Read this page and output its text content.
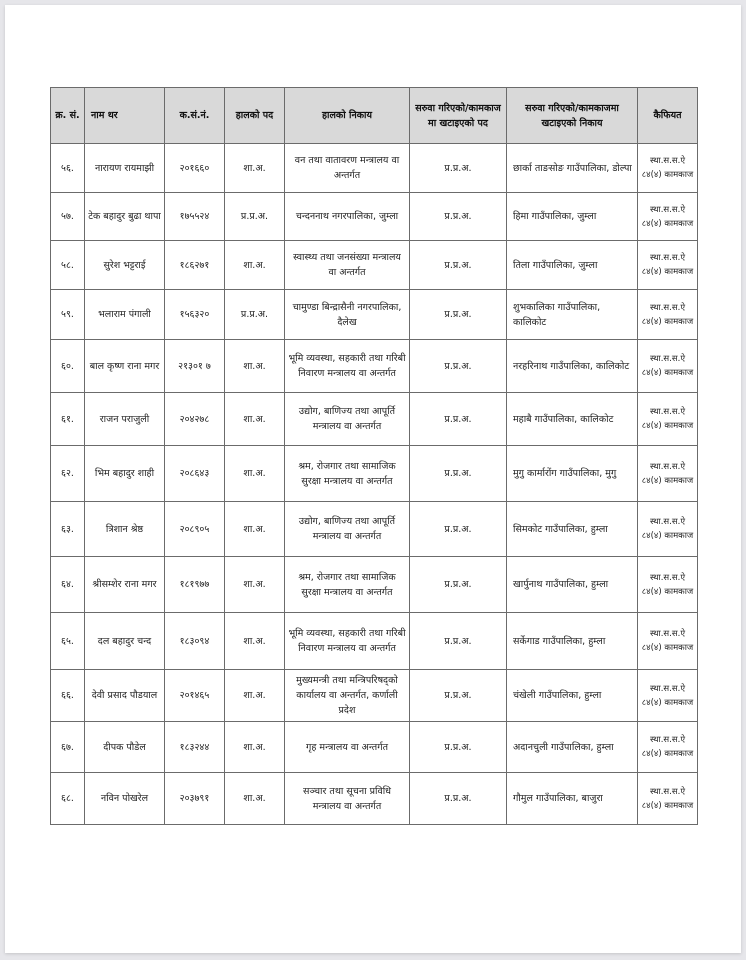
क्र. सं.	नाम थर	क.सं.नं.	हालको पद	हालको निकाय	सरुवा गरिएको/कामकाज मा खटाइएको पद	सरुवा गरिएको/कामकाजमा खटाइएको निकाय	कैफियत
५६.	नारायण रायमाझी	२०१६६०	शा.अ.	वन तथा वातावरण मन्त्रालय वा अन्तर्गत	प्र.प्र.अ.	छार्का ताङसोङ गाउँपालिका, डोल्पा	स्था.स.स.ऐ ८४(४) कामकाज
५७.	टेक बहादुर बुढा थापा	१७५५२४	प्र.प्र.अ.	चन्दननाथ नगरपालिका, जुम्ला	प्र.प्र.अ.	हिमा गाउँपालिका, जुम्ला	स्था.स.स.ऐ ८४(४) कामकाज
५८.	सुरेश भट्टराई	१८६२७१	शा.अ.	स्वास्थ्य तथा जनसंख्या मन्त्रालय वा अन्तर्गत	प्र.प्र.अ.	तिला गाउँपालिका, जुम्ला	स्था.स.स.ऐ ८४(४) कामकाज
५९.	भलाराम पंगाली	१५६३२०	प्र.प्र.अ.	चामुण्डा बिन्द्रासैनी नगरपालिका, दैलेख	प्र.प्र.अ.	शुभकालिका गाउँपालिका, कालिकोट	स्था.स.स.ऐ ८४(४) कामकाज
६०.	बाल कृष्ण राना मगर	२१३०१ ७	शा.अ.	भूमि व्यवस्था, सहकारी तथा गरिबी निवारण मन्त्रालय वा अन्तर्गत	प्र.प्र.अ.	नरहरिनाथ गाउँपालिका, कालिकोट	स्था.स.स.ऐ ८४(४) कामकाज
६१.	राजन पराजुली	२०४२७८	शा.अ.	उद्योग, बाणिज्य तथा आपूर्ति मन्त्रालय वा अन्तर्गत	प्र.प्र.अ.	महाबै गाउँपालिका, कालिकोट	स्था.स.स.ऐ ८४(४) कामकाज
६२.	भिम बहादुर शाही	२०८६४३	शा.अ.	श्रम, रोजगार तथा सामाजिक सुरक्षा मन्त्रालय वा अन्तर्गत	प्र.प्र.अ.	मुगु कार्मारोंग गाउँपालिका, मुगु	स्था.स.स.ऐ ८४(४) कामकाज
६३.	त्रिशान श्रेष्ठ	२०८९०५	शा.अ.	उद्योग, बाणिज्य तथा आपूर्ति मन्त्रालय वा अन्तर्गत	प्र.प्र.अ.	सिमकोट गाउँपालिका, हुम्ला	स्था.स.स.ऐ ८४(४) कामकाज
६४.	श्रीसम्शेर राना मगर	१८१९७७	शा.अ.	श्रम, रोजगार तथा सामाजिक सुरक्षा मन्त्रालय वा अन्तर्गत	प्र.प्र.अ.	खार्पुनाथ गाउँपालिका, हुम्ला	स्था.स.स.ऐ ८४(४) कामकाज
६५.	दल बहादुर चन्द	१८३०९४	शा.अ.	भूमि व्यवस्था, सहकारी तथा गरिबी निवारण मन्त्रालय वा अन्तर्गत	प्र.प्र.अ.	सर्केगाड गाउँपालिका, हुम्ला	स्था.स.स.ऐ ८४(४) कामकाज
६६.	देवी प्रसाद पौडयाल	२०१४६५	शा.अ.	मुख्यमन्त्री तथा मन्त्रिपरिषद्को कार्यालय वा अन्तर्गत, कर्णाली प्रदेश	प्र.प्र.अ.	चंखेली गाउँपालिका, हुम्ला	स्था.स.स.ऐ ८४(४) कामकाज
६७.	दीपक पौडेल	१८३२४४	शा.अ.	गृह मन्त्रालय वा अन्तर्गत	प्र.प्र.अ.	अदानचुली गाउँपालिका, हुम्ला	स्था.स.स.ऐ ८४(४) कामकाज
६८.	नविन पोखरेल	२०३७९१	शा.अ.	सञ्चार तथा सूचना प्रविधि मन्त्रालय वा अन्तर्गत	प्र.प्र.अ.	गौमुल गाउँपालिका, बाजुरा	स्था.स.स.ऐ ८४(४) कामकाज
